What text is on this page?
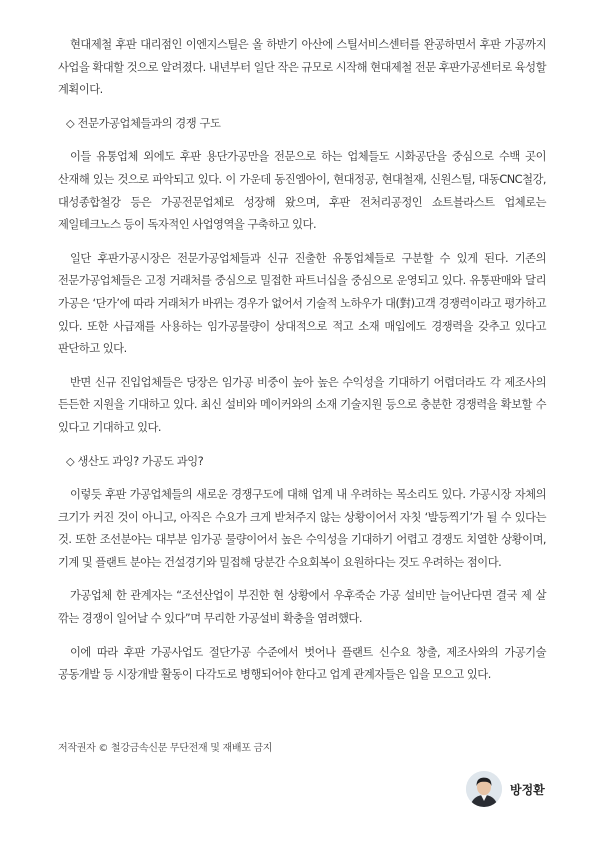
현대제철 후판 대리점인 이엔지스틸은 올 하반기 아산에 스틸서비스센터를 완공하면서 후판 가공까지 사업을 확대할 것으로 알려졌다. 내년부터 일단 작은 규모로 시작해 현대제철 전문 후판가공센터로 육성할 계획이다.

◇ 전문가공업체들과의 경쟁 구도

이들 유통업체 외에도 후판 용단가공만을 전문으로 하는 업체들도 시화공단을 중심으로 수백 곳이 산재해 있는 것으로 파악되고 있다. 이 가운데 동진엠아이, 현대정공, 현대철재, 신원스틸, 대동CNC철강, 대성종합철강 등은 가공전문업체로 성장해 왔으며, 후판 전처리공정인 쇼트블라스트 업체로는 제일테크노스 등이 독자적인 사업영역을 구축하고 있다.

일단 후판가공시장은 전문가공업체들과 신규 진출한 유통업체들로 구분할 수 있게 된다. 기존의 전문가공업체들은 고정 거래처를 중심으로 밀접한 파트너십을 중심으로 운영되고 있다. 유통판매와 달리 가공은 ‘단가’에 따라 거래처가 바뀌는 경우가 없어서 기술적 노하우가 대(對)고객 경쟁력이라고 평가하고 있다. 또한 사급재를 사용하는 임가공물량이 상대적으로 적고 소재 매입에도 경쟁력을 갖추고 있다고 판단하고 있다.

반면 신규 진입업체들은 당장은 임가공 비중이 높아 높은 수익성을 기대하기 어렵더라도 각 제조사의 든든한 지원을 기대하고 있다. 최신 설비와 메이커와의 소재 기술지원 등으로 충분한 경쟁력을 확보할 수 있다고 기대하고 있다.

◇ 생산도 과잉? 가공도 과잉?

이렇듯 후판 가공업체들의 새로운 경쟁구도에 대해 업계 내 우려하는 목소리도 있다. 가공시장 자체의 크기가 커진 것이 아니고, 아직은 수요가 크게 받쳐주지 않는 상황이어서 자칫 ‘발등찍기’가 될 수 있다는 것. 또한 조선분야는 대부분 임가공 물량이어서 높은 수익성을 기대하기 어렵고 경쟁도 치열한 상황이며, 기계 및 플랜트 분야는 건설경기와 밀접해 당분간 수요회복이 요원하다는 것도 우려하는 점이다.

가공업체 한 관계자는 “조선산업이 부진한 현 상황에서 우후죽순 가공 설비만 늘어난다면 결국 제 살 깎는 경쟁이 일어날 수 있다”며 무리한 가공설비 확충을 염려했다.

이에 따라 후판 가공사업도 절단가공 수준에서 벗어나 플랜트 신수요 창출, 제조사와의 가공기술 공동개발 등 시장개발 활동이 다각도로 병행되어야 한다고 업계 관계자들은 입을 모으고 있다.

저작권자 © 철강금속신문 무단전재 및 재배포 금지
방정환
